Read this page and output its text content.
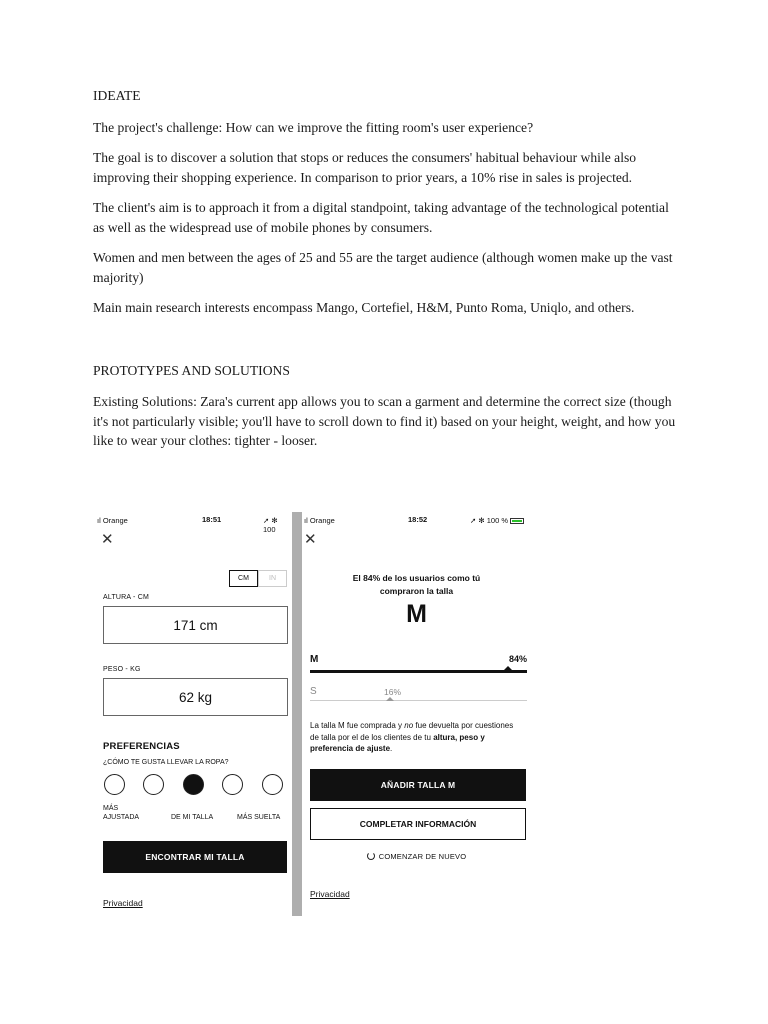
IDEATE

The project's challenge: How can we improve the fitting room's user experience?

The goal is to discover a solution that stops or reduces the consumers' habitual behaviour while also improving their shopping experience. In comparison to prior years, a 10% rise in sales is projected.

The client's aim is to approach it from a digital standpoint, taking advantage of the technological potential as well as the widespread use of mobile phones by consumers.

Women and men between the ages of 25 and 55 are the target audience (although women make up the vast majority)

Main main research interests encompass Mango, Cortefiel, H&M, Punto Roma, Uniqlo, and others.

PROTOTYPES AND SOLUTIONS

Existing Solutions: Zara's current app allows you to scan a garment and determine the correct size (though it's not particularly visible; you'll have to scroll down to find it) based on your height, weight, and how you like to wear your clothes: tighter - looser.

ıl Orange	18:51	➚ ✻ 100
✕
CM	IN
ALTURA - CM
171 cm
PESO - KG
62 kg
PREFERENCIAS
¿CÓMO TE GUSTA LLEVAR LA ROPA?
MÁS
AJUSTADA	DE MI TALLA	MÁS SUELTA
ENCONTRAR MI TALLA
Privacidad
ıl Orange	18:52	➚ ✻ 100 %
✕
El 84% de los usuarios como tú
compraron la talla
M
M	84%
S	16%
La talla M fue comprada y no fue devuelta por cuestiones de talla por el de los clientes de tu altura, peso y preferencia de ajuste.
AÑADIR TALLA M
COMPLETAR INFORMACIÓN
COMENZAR DE NUEVO
Privacidad
